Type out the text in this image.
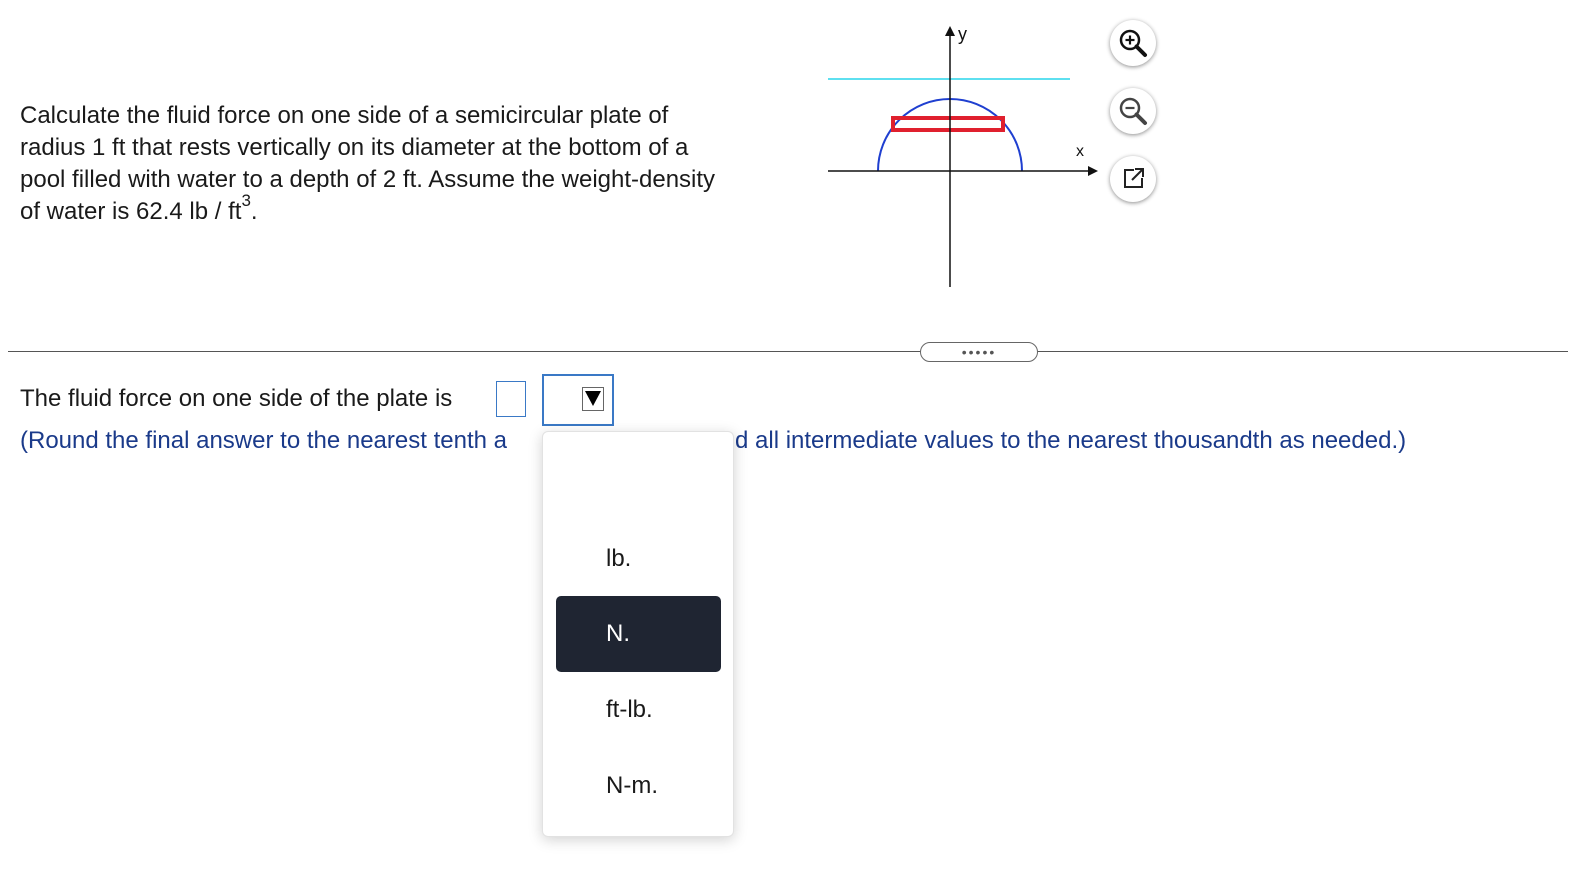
Calculate the fluid force on one side of a semicircular plate of
radius 1 ft that rests vertically on its diameter at the bottom of a
pool filled with water to a depth of 2 ft. Assume the weight-density
of water is 62.4 lb / $ft^3$.
y
x
•••••
The fluid force on one side of the plate is
(Round the final answer to the nearest tenth a	d all intermediate values to the nearest thousandth as needed.)
lb.
N.
ft-lb.
N-m.
